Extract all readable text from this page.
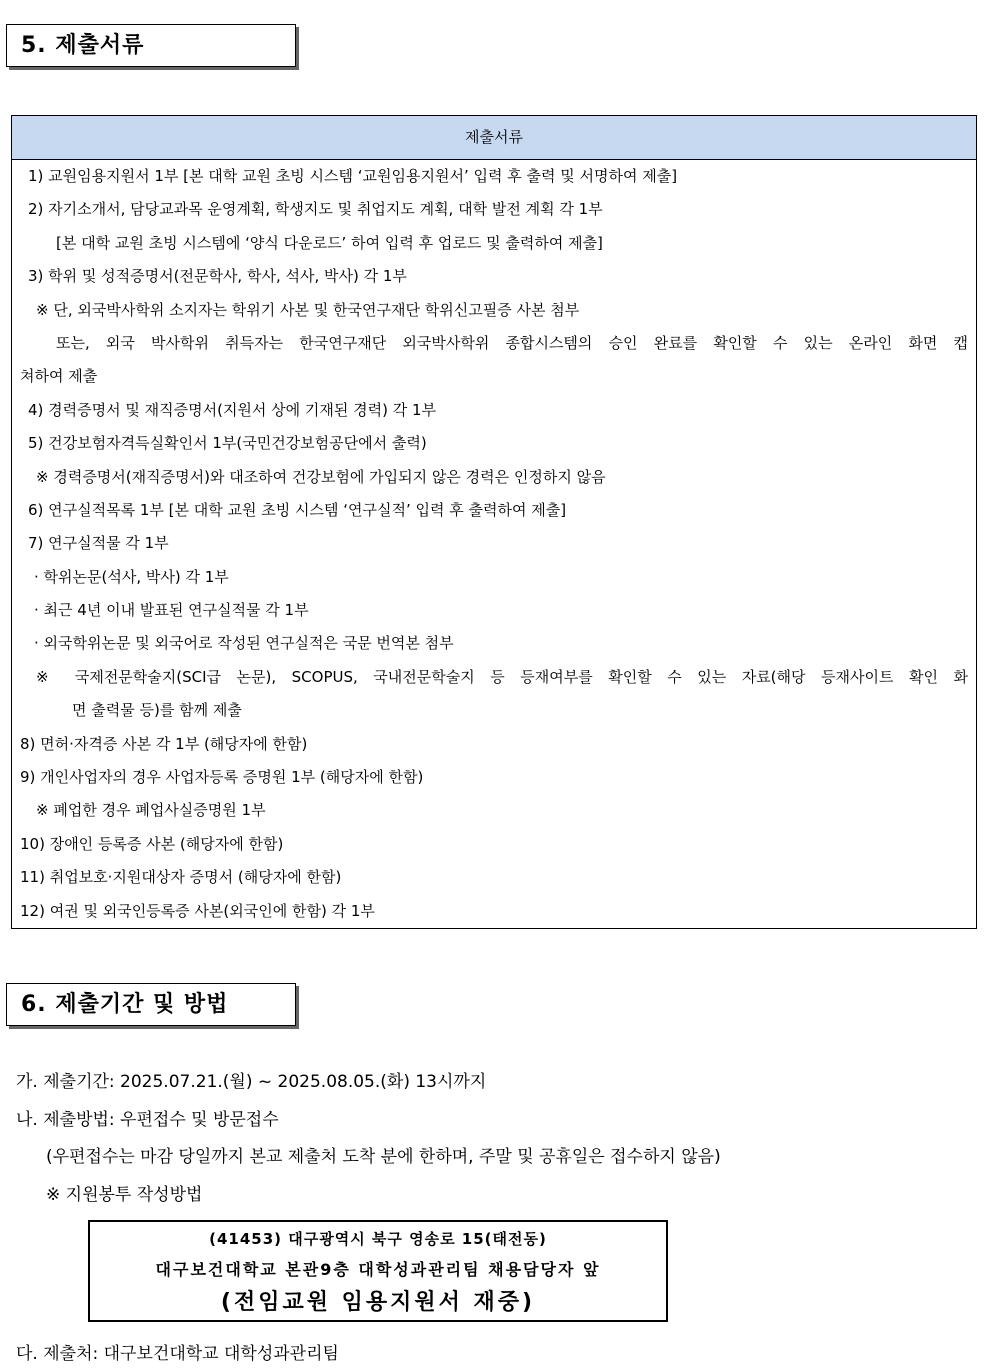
5. 제출서류
제출서류
1) 교원임용지원서 1부 [본 대학 교원 초빙 시스템 ‘교원임용지원서’ 입력 후 출력 및 서명하여 제출]
2) 자기소개서, 담당교과목 운영계획, 학생지도 및 취업지도 계획, 대학 발전 계획 각 1부
[본 대학 교원 초빙 시스템에 ‘양식 다운로드’ 하여 입력 후 업로드 및 출력하여 제출]
3) 학위 및 성적증명서(전문학사, 학사, 석사, 박사) 각 1부
※ 단, 외국박사학위 소지자는 학위기 사본 및 한국연구재단 학위신고필증 사본 첨부
또는, 외국 박사학위 취득자는 한국연구재단 외국박사학위 종합시스템의 승인 완료를 확인할 수 있는 온라인 화면 캡
쳐하여 제출
4) 경력증명서 및 재직증명서(지원서 상에 기재된 경력) 각 1부
5) 건강보험자격득실확인서 1부(국민건강보험공단에서 출력)
※ 경력증명서(재직증명서)와 대조하여 건강보험에 가입되지 않은 경력은 인정하지 않음
6) 연구실적목록 1부 [본 대학 교원 초빙 시스템 ‘연구실적’ 입력 후 출력하여 제출]
7) 연구실적물 각 1부
· 학위논문(석사, 박사) 각 1부
· 최근 4년 이내 발표된 연구실적물 각 1부
· 외국학위논문 및 외국어로 작성된 연구실적은 국문 번역본 첨부
※ 국제전문학술지(SCI급 논문), SCOPUS, 국내전문학술지 등 등재여부를 확인할 수 있는 자료(해당 등재사이트 확인 화
면 출력물 등)를 함께 제출
8) 면허·자격증 사본 각 1부 (해당자에 한함)
9) 개인사업자의 경우 사업자등록 증명원 1부 (해당자에 한함)
※ 폐업한 경우 폐업사실증명원 1부
10) 장애인 등록증 사본 (해당자에 한함)
11) 취업보호·지원대상자 증명서 (해당자에 한함)
12) 여권 및 외국인등록증 사본(외국인에 한함) 각 1부
6. 제출기간 및 방법
가. 제출기간: 2025.07.21.(월) ~ 2025.08.05.(화) 13시까지
나. 제출방법: 우편접수 및 방문접수
(우편접수는 마감 당일까지 본교 제출처 도착 분에 한하며, 주말 및 공휴일은 접수하지 않음)
※ 지원봉투 작성방법
(41453) 대구광역시 북구 영송로 15(태전동)
대구보건대학교 본관9층 대학성과관리팀 채용담당자 앞
(전임교원 임용지원서 재중)
다. 제출처: 대구보건대학교 대학성과관리팀
